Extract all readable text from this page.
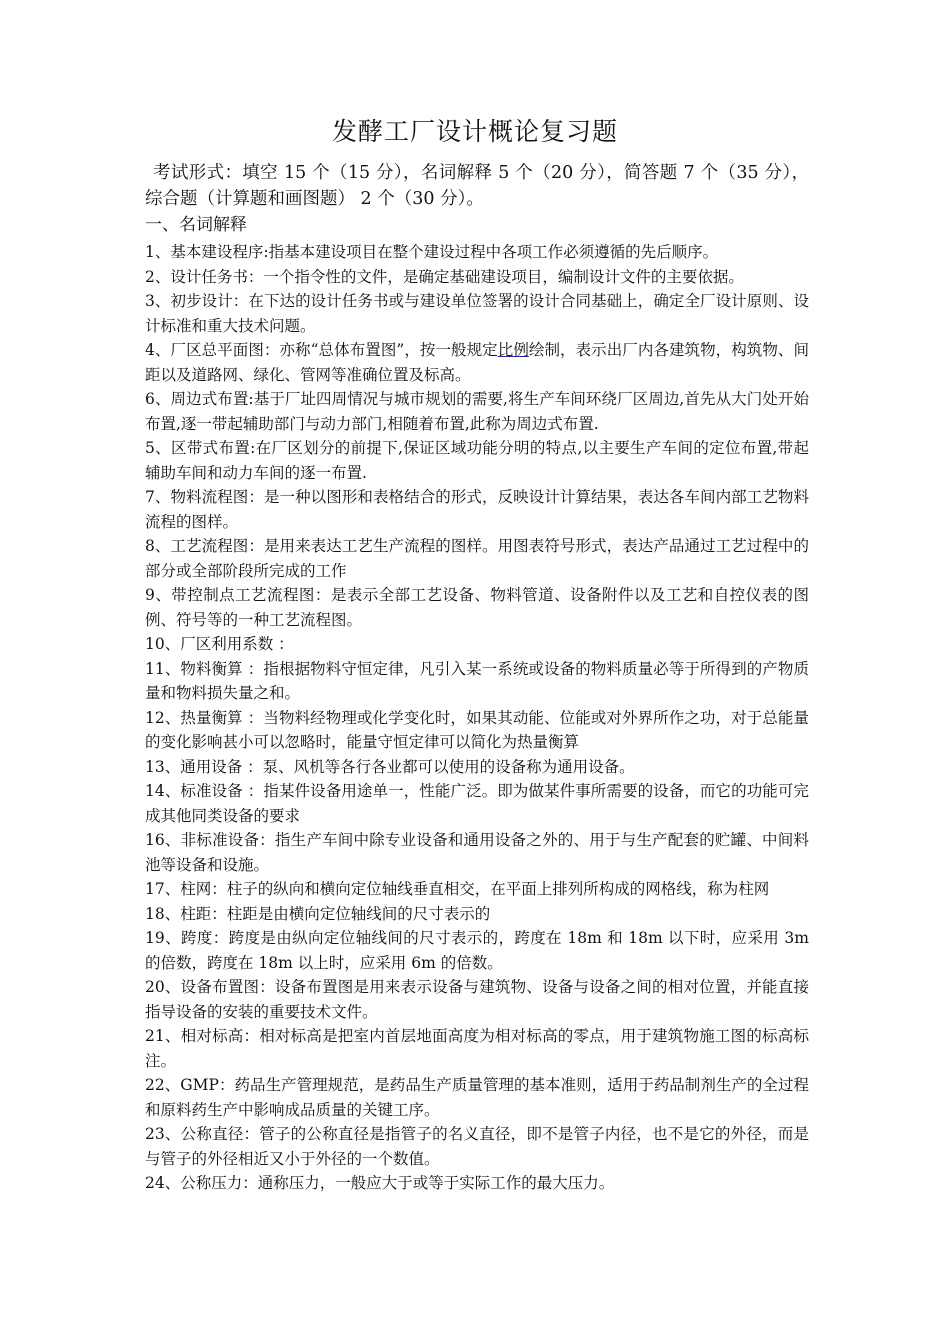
发酵工厂设计概论复习题
考试形式：填空 15 个（15 分），名词解释 5 个（20 分），简答题 7 个（35 分），综合题（计算题和画图题） 2 个（30 分）。
一、名词解释

1、基本建设程序:指基本建设项目在整个建设过程中各项工作必须遵循的先后顺序。

2、设计任务书：一个指令性的文件，是确定基础建设项目，编制设计文件的主要依据。

3、初步设计：在下达的设计任务书或与建设单位签署的设计合同基础上，确定全厂设计原则、设计标准和重大技术问题。

4、厂区总平面图：亦称“总体布置图”，按一般规定比例绘制，表示出厂内各建筑物，构筑物、间距以及道路网、绿化、管网等准确位置及标高。

6、周边式布置:基于厂址四周情况与城市规划的需要,将生产车间环绕厂区周边,首先从大门处开始布置,逐一带起辅助部门与动力部门,相随着布置,此称为周边式布置.

5、区带式布置:在厂区划分的前提下,保证区域功能分明的特点,以主要生产车间的定位布置,带起辅助车间和动力车间的逐一布置.

7、物料流程图：是一种以图形和表格结合的形式，反映设计计算结果，表达各车间内部工艺物料流程的图样。

8、工艺流程图：是用来表达工艺生产流程的图样。用图表符号形式，表达产品通过工艺过程中的部分或全部阶段所完成的工作

9、带控制点工艺流程图：是表示全部工艺设备、物料管道、设备附件以及工艺和自控仪表的图例、符号等的一种工艺流程图。

10、厂区利用系数 ：

11、物料衡算 ：指根据物料守恒定律，凡引入某一系统或设备的物料质量必等于所得到的产物质量和物料损失量之和。

12、热量衡算 ：当物料经物理或化学变化时，如果其动能、位能或对外界所作之功，对于总能量的变化影响甚小可以忽略时，能量守恒定律可以简化为热量衡算

13、通用设备 ：泵、风机等各行各业都可以使用的设备称为通用设备。

14、标准设备 ：指某件设备用途单一，性能广泛。即为做某件事所需要的设备，而它的功能可完成其他同类设备的要求

16、非标准设备：指生产车间中除专业设备和通用设备之外的、用于与生产配套的贮罐、中间料池等设备和设施。

17、柱网：柱子的纵向和横向定位轴线垂直相交，在平面上排列所构成的网格线，称为柱网

18、柱距：柱距是由横向定位轴线间的尺寸表示的

19、跨度：跨度是由纵向定位轴线间的尺寸表示的，跨度在 18m 和 18m 以下时，应采用 3m 的倍数，跨度在 18m 以上时，应采用 6m 的倍数。

20、设备布置图：设备布置图是用来表示设备与建筑物、设备与设备之间的相对位置，并能直接指导设备的安装的重要技术文件。

21、相对标高：相对标高是把室内首层地面高度为相对标高的零点，用于建筑物施工图的标高标注。

22、GMP：药品生产管理规范，是药品生产质量管理的基本准则，适用于药品制剂生产的全过程和原料药生产中影响成品质量的关键工序。

23、公称直径：管子的公称直径是指管子的名义直径，即不是管子内径，也不是它的外径，而是与管子的外径相近又小于外径的一个数值。

24、公称压力：通称压力，一般应大于或等于实际工作的最大压力。
